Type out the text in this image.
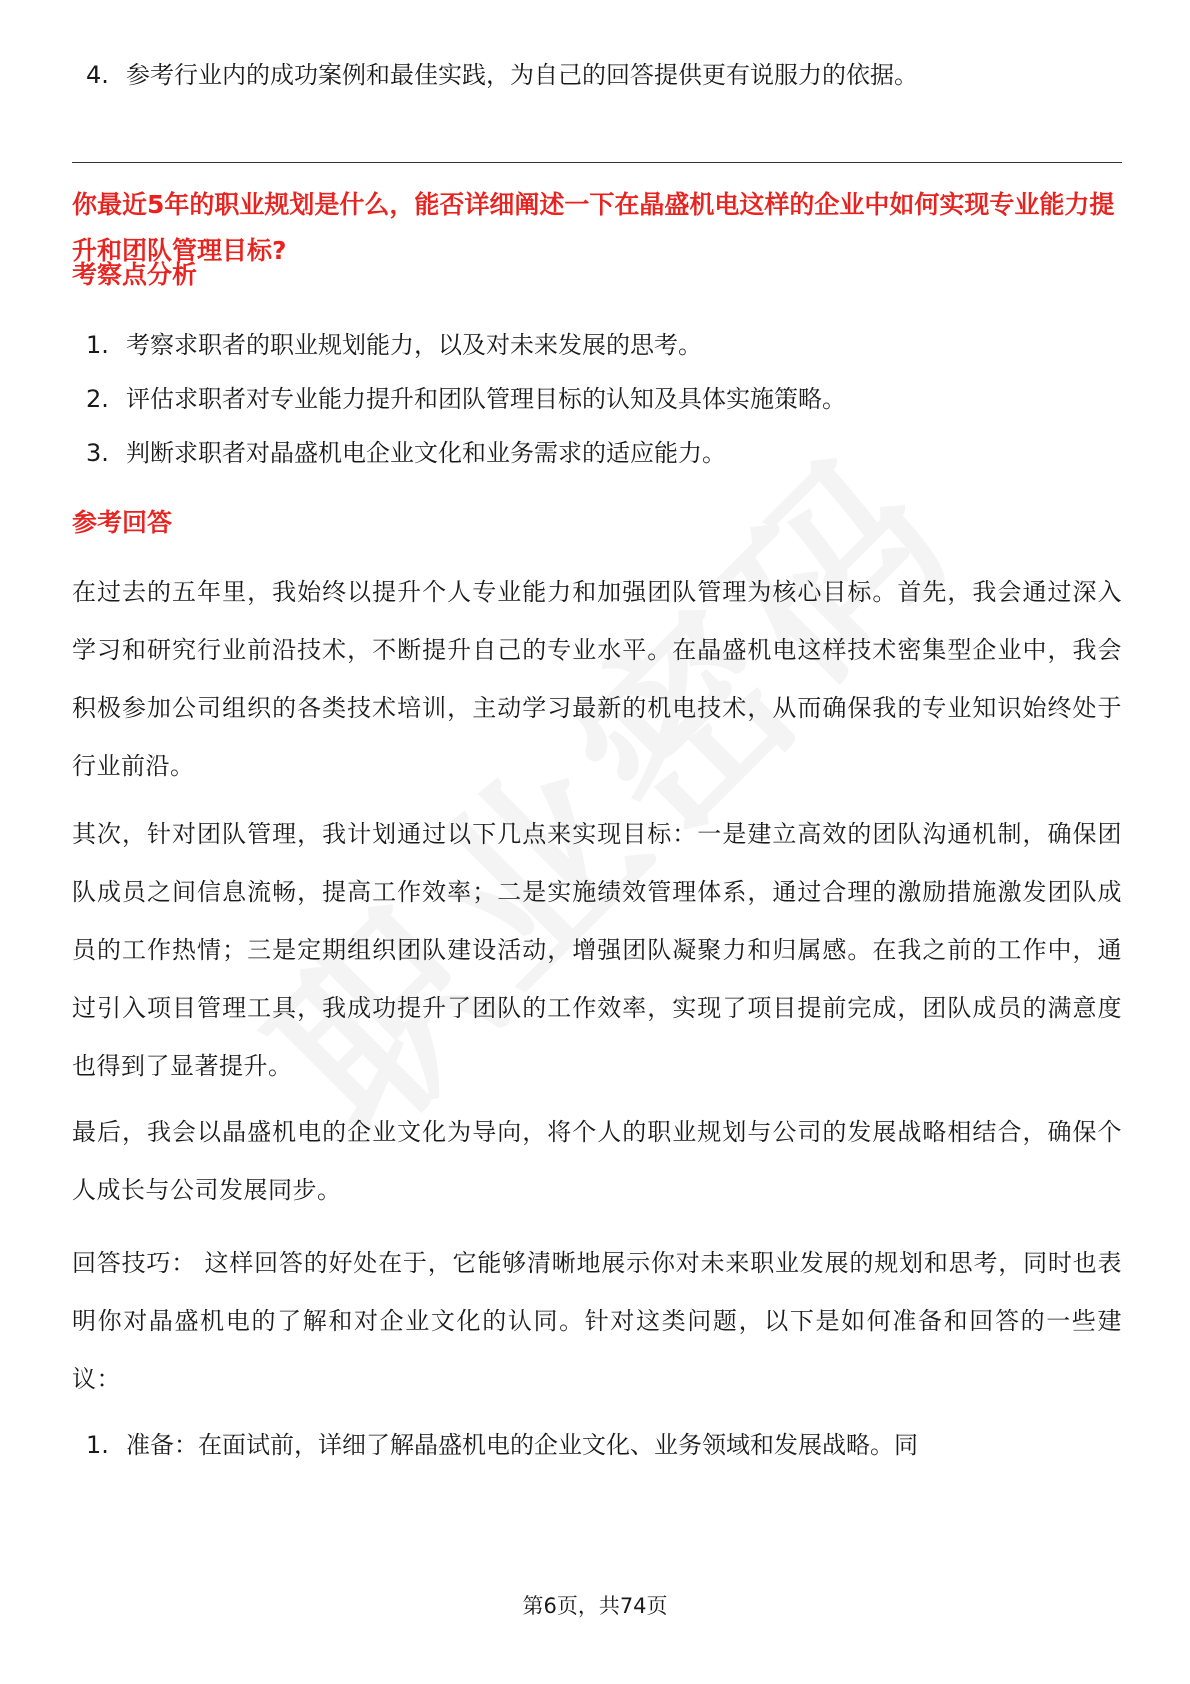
4. 参考行业内的成功案例和最佳实践，为自己的回答提供更有说服力的依据。
你最近5年的职业规划是什么，能否详细阐述一下在晶盛机电这样的企业中如何实现专业能力提升和团队管理目标?
考察点分析
1. 考察求职者的职业规划能力，以及对未来发展的思考。
2. 评估求职者对专业能力提升和团队管理目标的认知及具体实施策略。
3. 判断求职者对晶盛机电企业文化和业务需求的适应能力。
参考回答
在过去的五年里，我始终以提升个人专业能力和加强团队管理为核心目标。首先，我会通过深入学习和研究行业前沿技术，不断提升自己的专业水平。在晶盛机电这样技术密集型企业中，我会积极参加公司组织的各类技术培训，主动学习最新的机电技术，从而确保我的专业知识始终处于行业前沿。
其次，针对团队管理，我计划通过以下几点来实现目标：一是建立高效的团队沟通机制，确保团队成员之间信息流畅，提高工作效率；二是实施绩效管理体系，通过合理的激励措施激发团队成员的工作热情；三是定期组织团队建设活动，增强团队凝聚力和归属感。在我之前的工作中，通过引入项目管理工具，我成功提升了团队的工作效率，实现了项目提前完成，团队成员的满意度也得到了显著提升。
最后，我会以晶盛机电的企业文化为导向，将个人的职业规划与公司的发展战略相结合，确保个人成长与公司发展同步。
回答技巧： 这样回答的好处在于，它能够清晰地展示你对未来职业发展的规划和思考，同时也表明你对晶盛机电的了解和对企业文化的认同。针对这类问题，以下是如何准备和回答的一些建议：
1. 准备：在面试前，详细了解晶盛机电的企业文化、业务领域和发展战略。同
第6页，共74页
